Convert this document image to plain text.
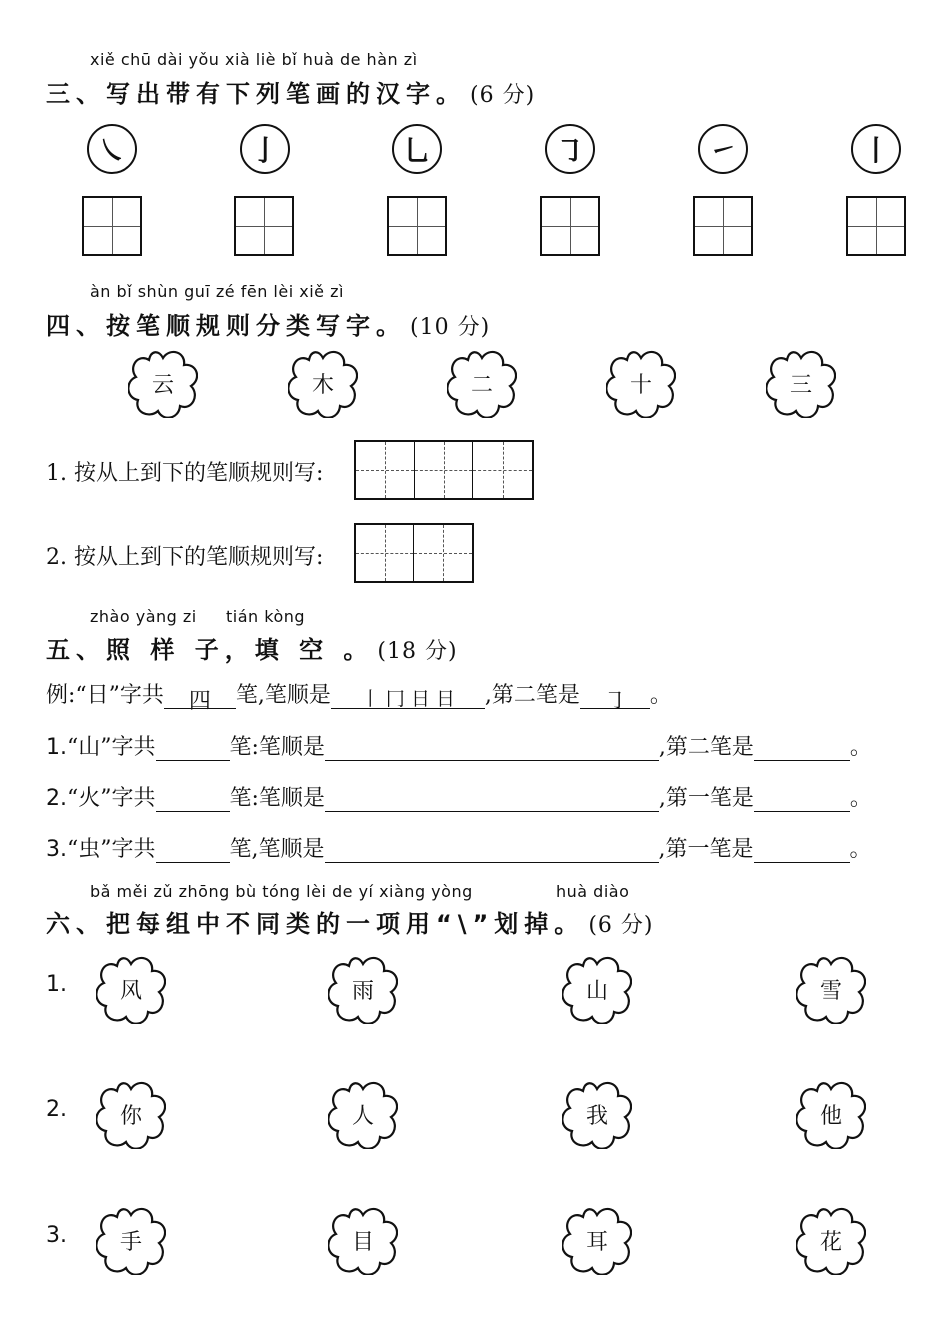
xiě chū dài yǒu xià liè bǐ huà de hàn zì
三、写出带有下列笔画的汉字。 (6 分)
㇏	亅	乚	㇆	㇀	丨
àn bǐ shùn guī zé fēn lèi xiě zì
四、按笔顺规则分类写字。 (10 分)
云	木	二	十	三
1. 按从上到下的笔顺规则写:
2. 按从上到下的笔顺规则写:
zhào yàng zi tián kòng
五、照 样 子，填 空 。 (18 分)
例:“日”字共 四 笔,笔顺是 丨 冂 日 日 ,第二笔是 ㇆ 。
1.“山”字共	笔:笔顺是	,第二笔是	。
2.“火”字共	笔:笔顺是	,第一笔是	。
3.“虫”字共	笔,笔顺是	,第一笔是	。
bǎ měi zǔ zhōng bù tóng lèi de yí xiàng yòng	huà diào
六、把每组中不同类的一项用“\”划掉。 (6 分)
1.	风	雨	山	雪
2.	你	人	我	他
3.	手	目	耳	花
